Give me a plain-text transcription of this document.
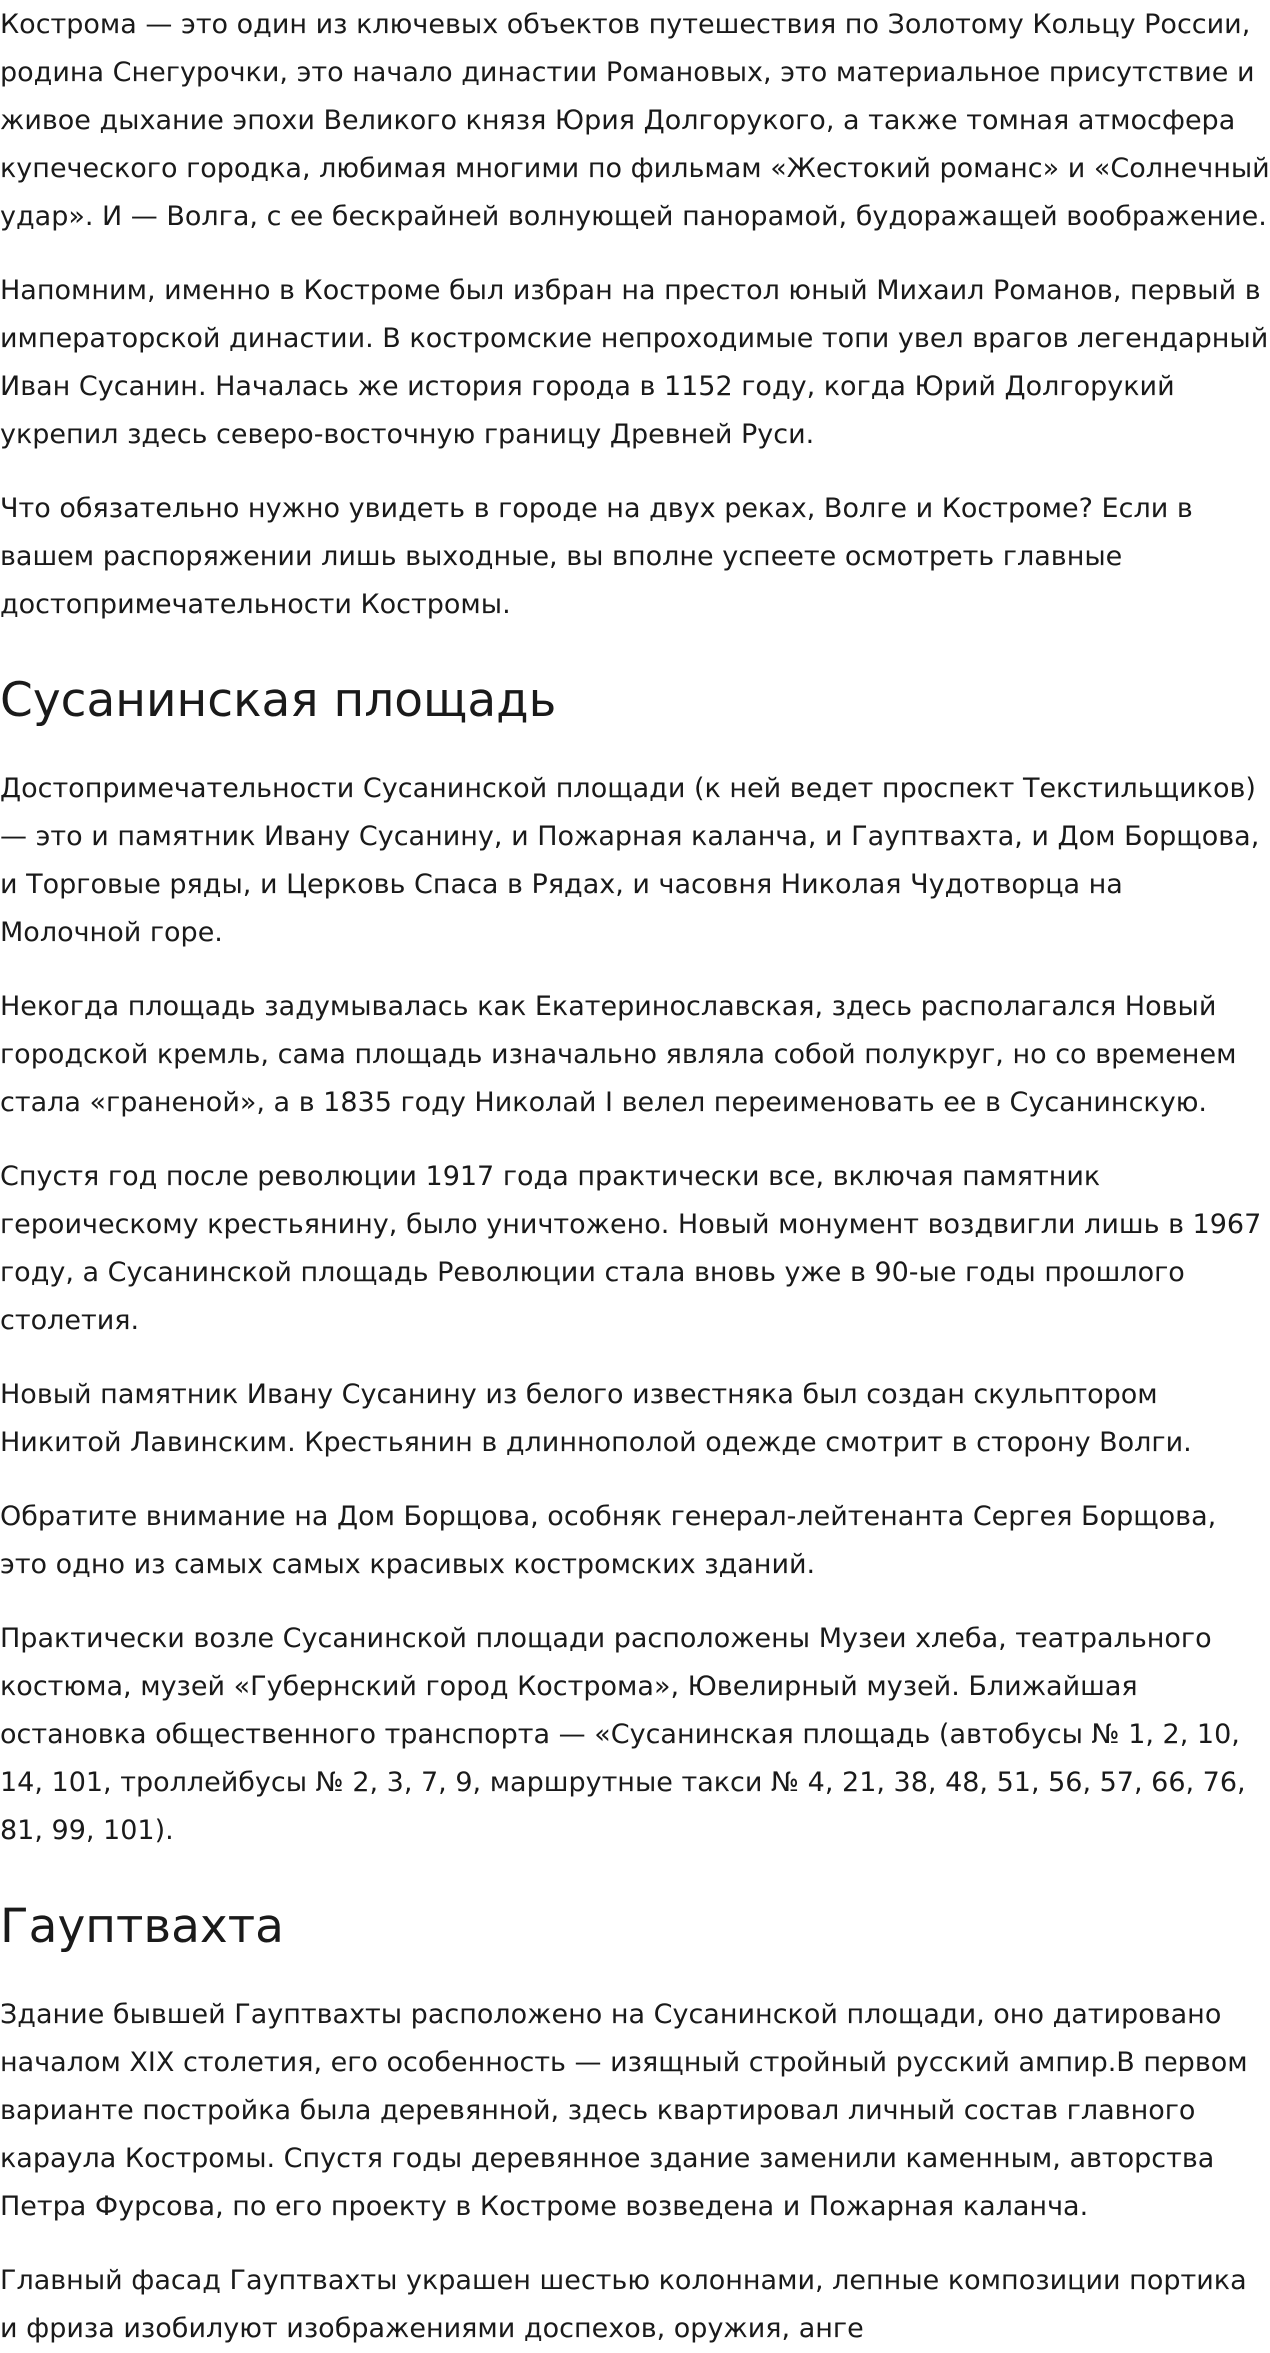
Кострома — это один из ключевых объектов путешествия по Золотому Кольцу России, родина Снегурочки, это начало династии Романовых, это материальное присутствие и живое дыхание эпохи Великого князя Юрия Долгорукого, а также томная атмосфера купеческого городка, любимая многими по фильмам «Жестокий романс» и «Солнечный удар». И — Волга, с ее бескрайней волнующей панорамой, будоражащей воображение.

Напомним, именно в Костроме был избран на престол юный Михаил Романов, первый в императорской династии. В костромские непроходимые топи увел врагов легендарный Иван Сусанин. Началась же история города в 1152 году, когда Юрий Долгорукий укрепил здесь северо-восточную границу Древней Руси.

Что обязательно нужно увидеть в городе на двух реках, Волге и Костроме? Если в вашем распоряжении лишь выходные, вы вполне успеете осмотреть главные достопримечательности Костромы.

Сусанинская площадь

Достопримечательности Сусанинской площади (к ней ведет проспект Текстильщиков) — это и памятник Ивану Сусанину, и Пожарная каланча, и Гауптвахта, и Дом Борщова, и Торговые ряды, и Церковь Спаса в Рядах, и часовня Николая Чудотворца на Молочной горе.

Некогда площадь задумывалась как Екатеринославская, здесь располагался Новый городской кремль, сама площадь изначально являла собой полукруг, но со временем стала «граненой», а в 1835 году Николай I велел переименовать ее в Сусанинскую.

Спустя год после революции 1917 года практически все, включая памятник героическому крестьянину, было уничтожено. Новый монумент воздвигли лишь в 1967 году, а Сусанинской площадь Революции стала вновь уже в 90-ые годы прошлого столетия.

Новый памятник Ивану Сусанину из белого известняка был создан скульптором Никитой Лавинским. Крестьянин в длиннополой одежде смотрит в сторону Волги.

Обратите внимание на Дом Борщова, особняк генерал-лейтенанта Сергея Борщова, это одно из самых самых красивых костромских зданий.

Практически возле Сусанинской площади расположены Музеи хлеба, театрального костюма, музей «Губернский город Кострома», Ювелирный музей. Ближайшая остановка общественного транспорта — «Сусанинская площадь (автобусы № 1, 2, 10, 14, 101, троллейбусы № 2, 3, 7, 9, маршрутные такси № 4, 21, 38, 48, 51, 56, 57, 66, 76, 81, 99, 101).

Гауптвахта

Здание бывшей Гауптвахты расположено на Сусанинской площади, оно датировано началом XIX столетия, его особенность — изящный стройный русский ампир.В первом варианте постройка была деревянной, здесь квартировал личный состав главного караула Костромы. Спустя годы деревянное здание заменили каменным, авторства Петра Фурсова, по его проекту в Костроме возведена и Пожарная каланча.

Главный фасад Гауптвахты украшен шестью колоннами, лепные композиции портика и фриза изобилуют изображениями доспехов, оружия, анге
